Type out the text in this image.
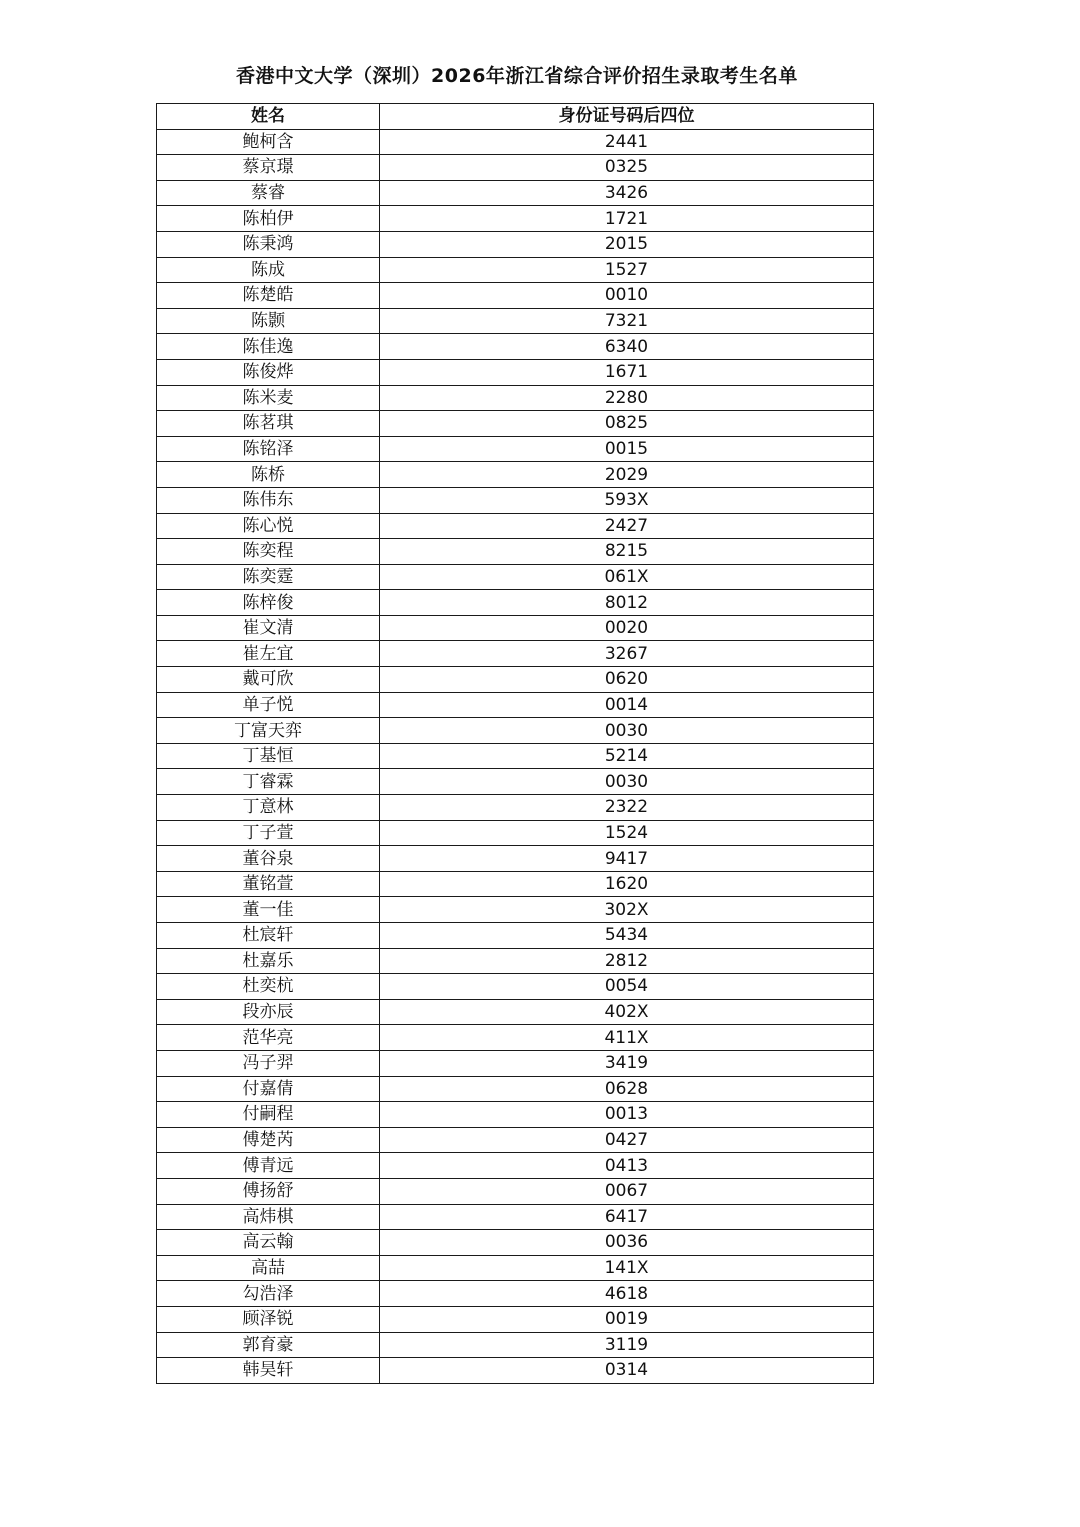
香港中文大学（深圳）2026年浙江省综合评价招生录取考生名单
姓名	身份证号码后四位
鲍柯含	2441
蔡京璟	0325
蔡睿	3426
陈柏伊	1721
陈秉鸿	2015
陈成	1527
陈楚皓	0010
陈颢	7321
陈佳逸	6340
陈俊烨	1671
陈米麦	2280
陈茗琪	0825
陈铭泽	0015
陈桥	2029
陈伟东	593X
陈心悦	2427
陈奕程	8215
陈奕霆	061X
陈梓俊	8012
崔文清	0020
崔左宜	3267
戴可欣	0620
单子悦	0014
丁富天弈	0030
丁基恒	5214
丁睿霖	0030
丁意林	2322
丁子萱	1524
董谷泉	9417
董铭萱	1620
董一佳	302X
杜宸轩	5434
杜嘉乐	2812
杜奕杭	0054
段亦辰	402X
范华亮	411X
冯子羿	3419
付嘉倩	0628
付嗣程	0013
傅楚芮	0427
傅青远	0413
傅扬舒	0067
高炜棋	6417
高云翰	0036
高喆	141X
勾浩泽	4618
顾泽锐	0019
郭育豪	3119
韩昊轩	0314
